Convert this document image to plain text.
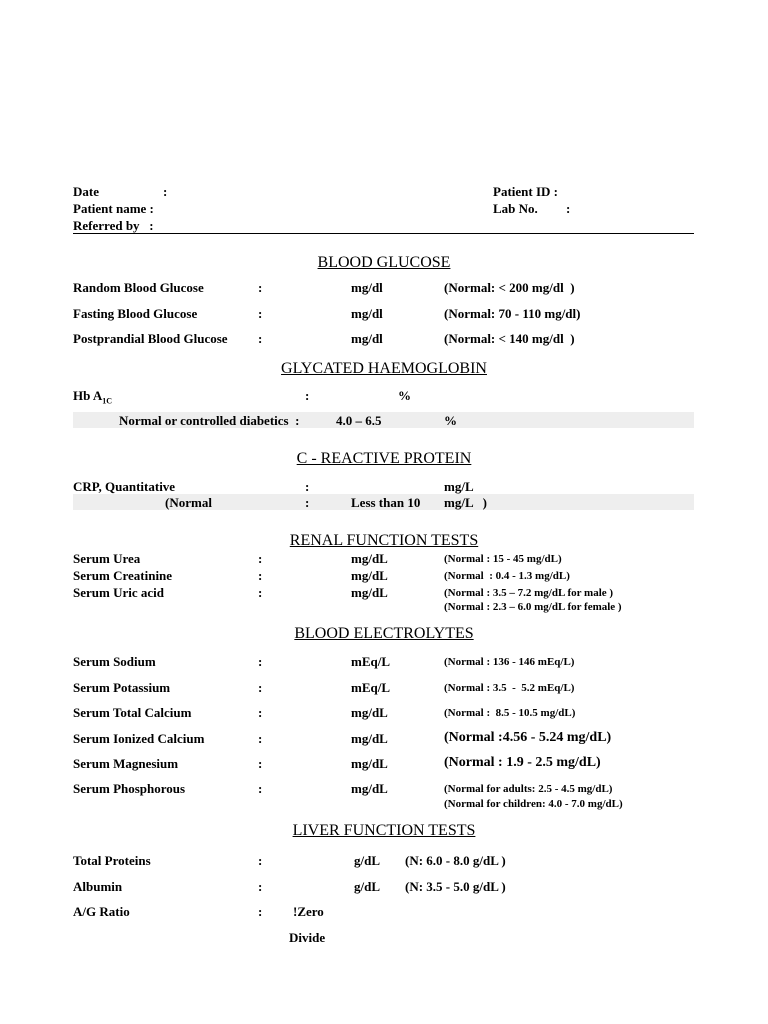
Date	:
Patient name :
Referred by   :
Patient ID :
Lab No. :
BLOOD GLUCOSE
Random Blood Glucose	:	mg/dl	(Normal: < 200 mg/dl  )
Fasting Blood Glucose	:	mg/dl	(Normal: 70 - 110 mg/dl)
Postprandial Blood Glucose :	mg/dl	(Normal: < 140 mg/dl  )
GLYCATED HAEMOGLOBIN
Hb $A_{1C}$	:	%
Normal or controlled diabetics  :	4.0 – 6.5	%
C - REACTIVE PROTEIN
CRP, Quantitative	:	mg/L
(Normal	:	Less than 10 mg/L   )
RENAL FUNCTION TESTS
Serum Urea	:	mg/dL	(Normal : 15 - 45 mg/dL)
Serum Creatinine	:	mg/dL	(Normal  : 0.4 - 1.3 mg/dL)
Serum Uric acid	:	mg/dL	(Normal : 3.5 – 7.2 mg/dL for male )
(Normal : 2.3 – 6.0 mg/dL for female )
BLOOD ELECTROLYTES
Serum Sodium	:	mEq/L	(Normal : 136 - 146 mEq/L)
Serum Potassium	:	mEq/L	(Normal : 3.5  -  5.2 mEq/L)
Serum Total Calcium	:	mg/dL	(Normal :  8.5 - 10.5 mg/dL)
Serum Ionized Calcium	:	mg/dL	(Normal :4.56 - 5.24 mg/dL)
Serum Magnesium	:	mg/dL	(Normal : 1.9 - 2.5 mg/dL)
Serum Phosphorous	:	mg/dL	(Normal for adults: 2.5 - 4.5 mg/dL)
(Normal for children: 4.0 - 7.0 mg/dL)
LIVER FUNCTION TESTS
Total Proteins	:	g/dL (N: 6.0 - 8.0 g/dL )
Albumin	:	g/dL (N: 3.5 - 5.0 g/dL )
A/G Ratio	: !Zero
Divide
